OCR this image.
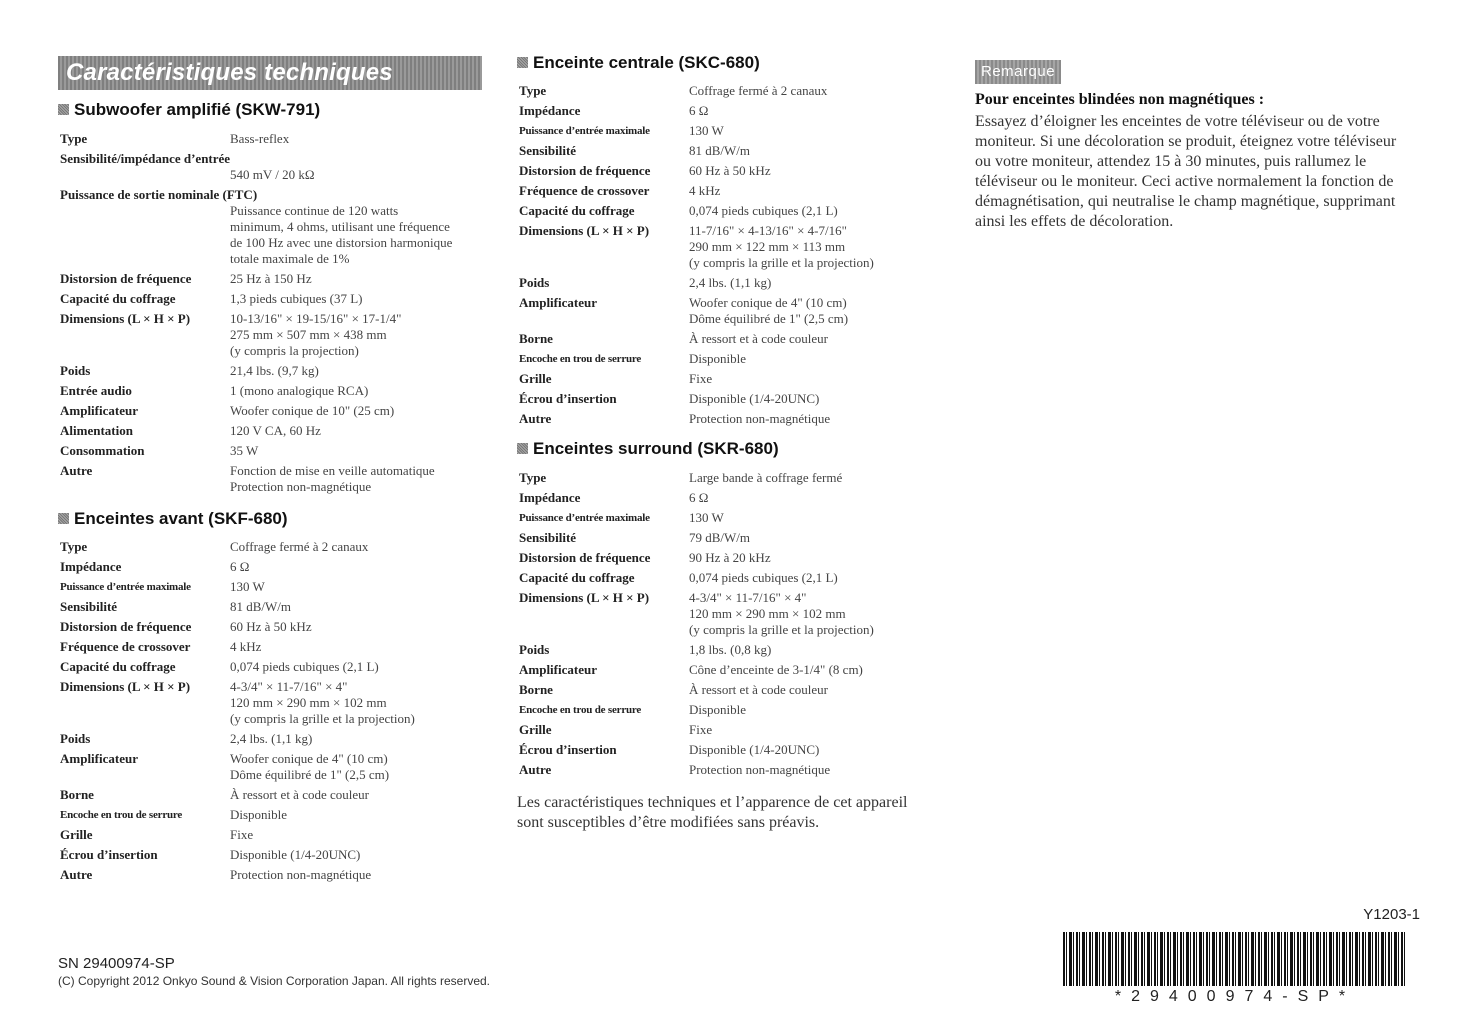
Caractéristiques techniques
Subwoofer amplifié (SKW-791)
Type	Bass-reflex
Sensibilité/impédance d’entrée
540 mV / 20 kΩ
Puissance de sortie nominale (FTC)
Puissance continue de 120 watts
minimum, 4 ohms, utilisant une fréquence
de 100 Hz avec une distorsion harmonique
totale maximale de 1%
Distorsion de fréquence	25 Hz à 150 Hz
Capacité du coffrage	1,3 pieds cubiques (37 L)
Dimensions (L × H × P)	10-13/16" × 19-15/16" × 17-1/4"
275 mm × 507 mm × 438 mm
(y compris la projection)
Poids	21,4 lbs. (9,7 kg)
Entrée audio	1 (mono analogique RCA)
Amplificateur	Woofer conique de 10" (25 cm)
Alimentation	120 V CA, 60 Hz
Consommation	35 W
Autre	Fonction de mise en veille automatique
Protection non-magnétique
Enceintes avant (SKF-680)
Type	Coffrage fermé à 2 canaux
Impédance	6 Ω
Puissance d’entrée maximale	130 W
Sensibilité	81 dB/W/m
Distorsion de fréquence	60 Hz à 50 kHz
Fréquence de crossover	4 kHz
Capacité du coffrage	0,074 pieds cubiques (2,1 L)
Dimensions (L × H × P)	4-3/4" × 11-7/16" × 4"
120 mm × 290 mm × 102 mm
(y compris la grille et la projection)
Poids	2,4 lbs. (1,1 kg)
Amplificateur	Woofer conique de 4" (10 cm)
Dôme équilibré de 1" (2,5 cm)
Borne	À ressort et à code couleur
Encoche en trou de serrure	Disponible
Grille	Fixe
Écrou d’insertion	Disponible (1/4-20UNC)
Autre	Protection non-magnétique
Enceinte centrale (SKC-680)
Type	Coffrage fermé à 2 canaux
Impédance	6 Ω
Puissance d’entrée maximale	130 W
Sensibilité	81 dB/W/m
Distorsion de fréquence	60 Hz à 50 kHz
Fréquence de crossover	4 kHz
Capacité du coffrage	0,074 pieds cubiques (2,1 L)
Dimensions (L × H × P)	11-7/16" × 4-13/16" × 4-7/16"
290 mm × 122 mm × 113 mm
(y compris la grille et la projection)
Poids	2,4 lbs. (1,1 kg)
Amplificateur	Woofer conique de 4" (10 cm)
Dôme équilibré de 1" (2,5 cm)
Borne	À ressort et à code couleur
Encoche en trou de serrure	Disponible
Grille	Fixe
Écrou d’insertion	Disponible (1/4-20UNC)
Autre	Protection non-magnétique
Enceintes surround (SKR-680)
Type	Large bande à coffrage fermé
Impédance	6 Ω
Puissance d’entrée maximale	130 W
Sensibilité	79 dB/W/m
Distorsion de fréquence	90 Hz à 20 kHz
Capacité du coffrage	0,074 pieds cubiques (2,1 L)
Dimensions (L × H × P)	4-3/4" × 11-7/16" × 4"
120 mm × 290 mm × 102 mm
(y compris la grille et la projection)
Poids	1,8 lbs. (0,8 kg)
Amplificateur	Cône d’enceinte de 3-1/4" (8 cm)
Borne	À ressort et à code couleur
Encoche en trou de serrure	Disponible
Grille	Fixe
Écrou d’insertion	Disponible (1/4-20UNC)
Autre	Protection non-magnétique
Les caractéristiques techniques et l’apparence de cet appareil sont susceptibles d’être modifiées sans préavis.
Remarque
Pour enceintes blindées non magnétiques :
Essayez d’éloigner les enceintes de votre téléviseur ou de votre moniteur. Si une décoloration se produit, éteignez votre téléviseur ou votre moniteur, attendez 15 à 30 minutes, puis rallumez le téléviseur ou le moniteur. Ceci active normalement la fonction de démagnétisation, qui neutralise le champ magnétique, supprimant ainsi les effets de décoloration.
SN 29400974-SP
(C) Copyright 2012 Onkyo Sound & Vision Corporation Japan. All rights reserved.
Y1203-1
*29400974-SP*
